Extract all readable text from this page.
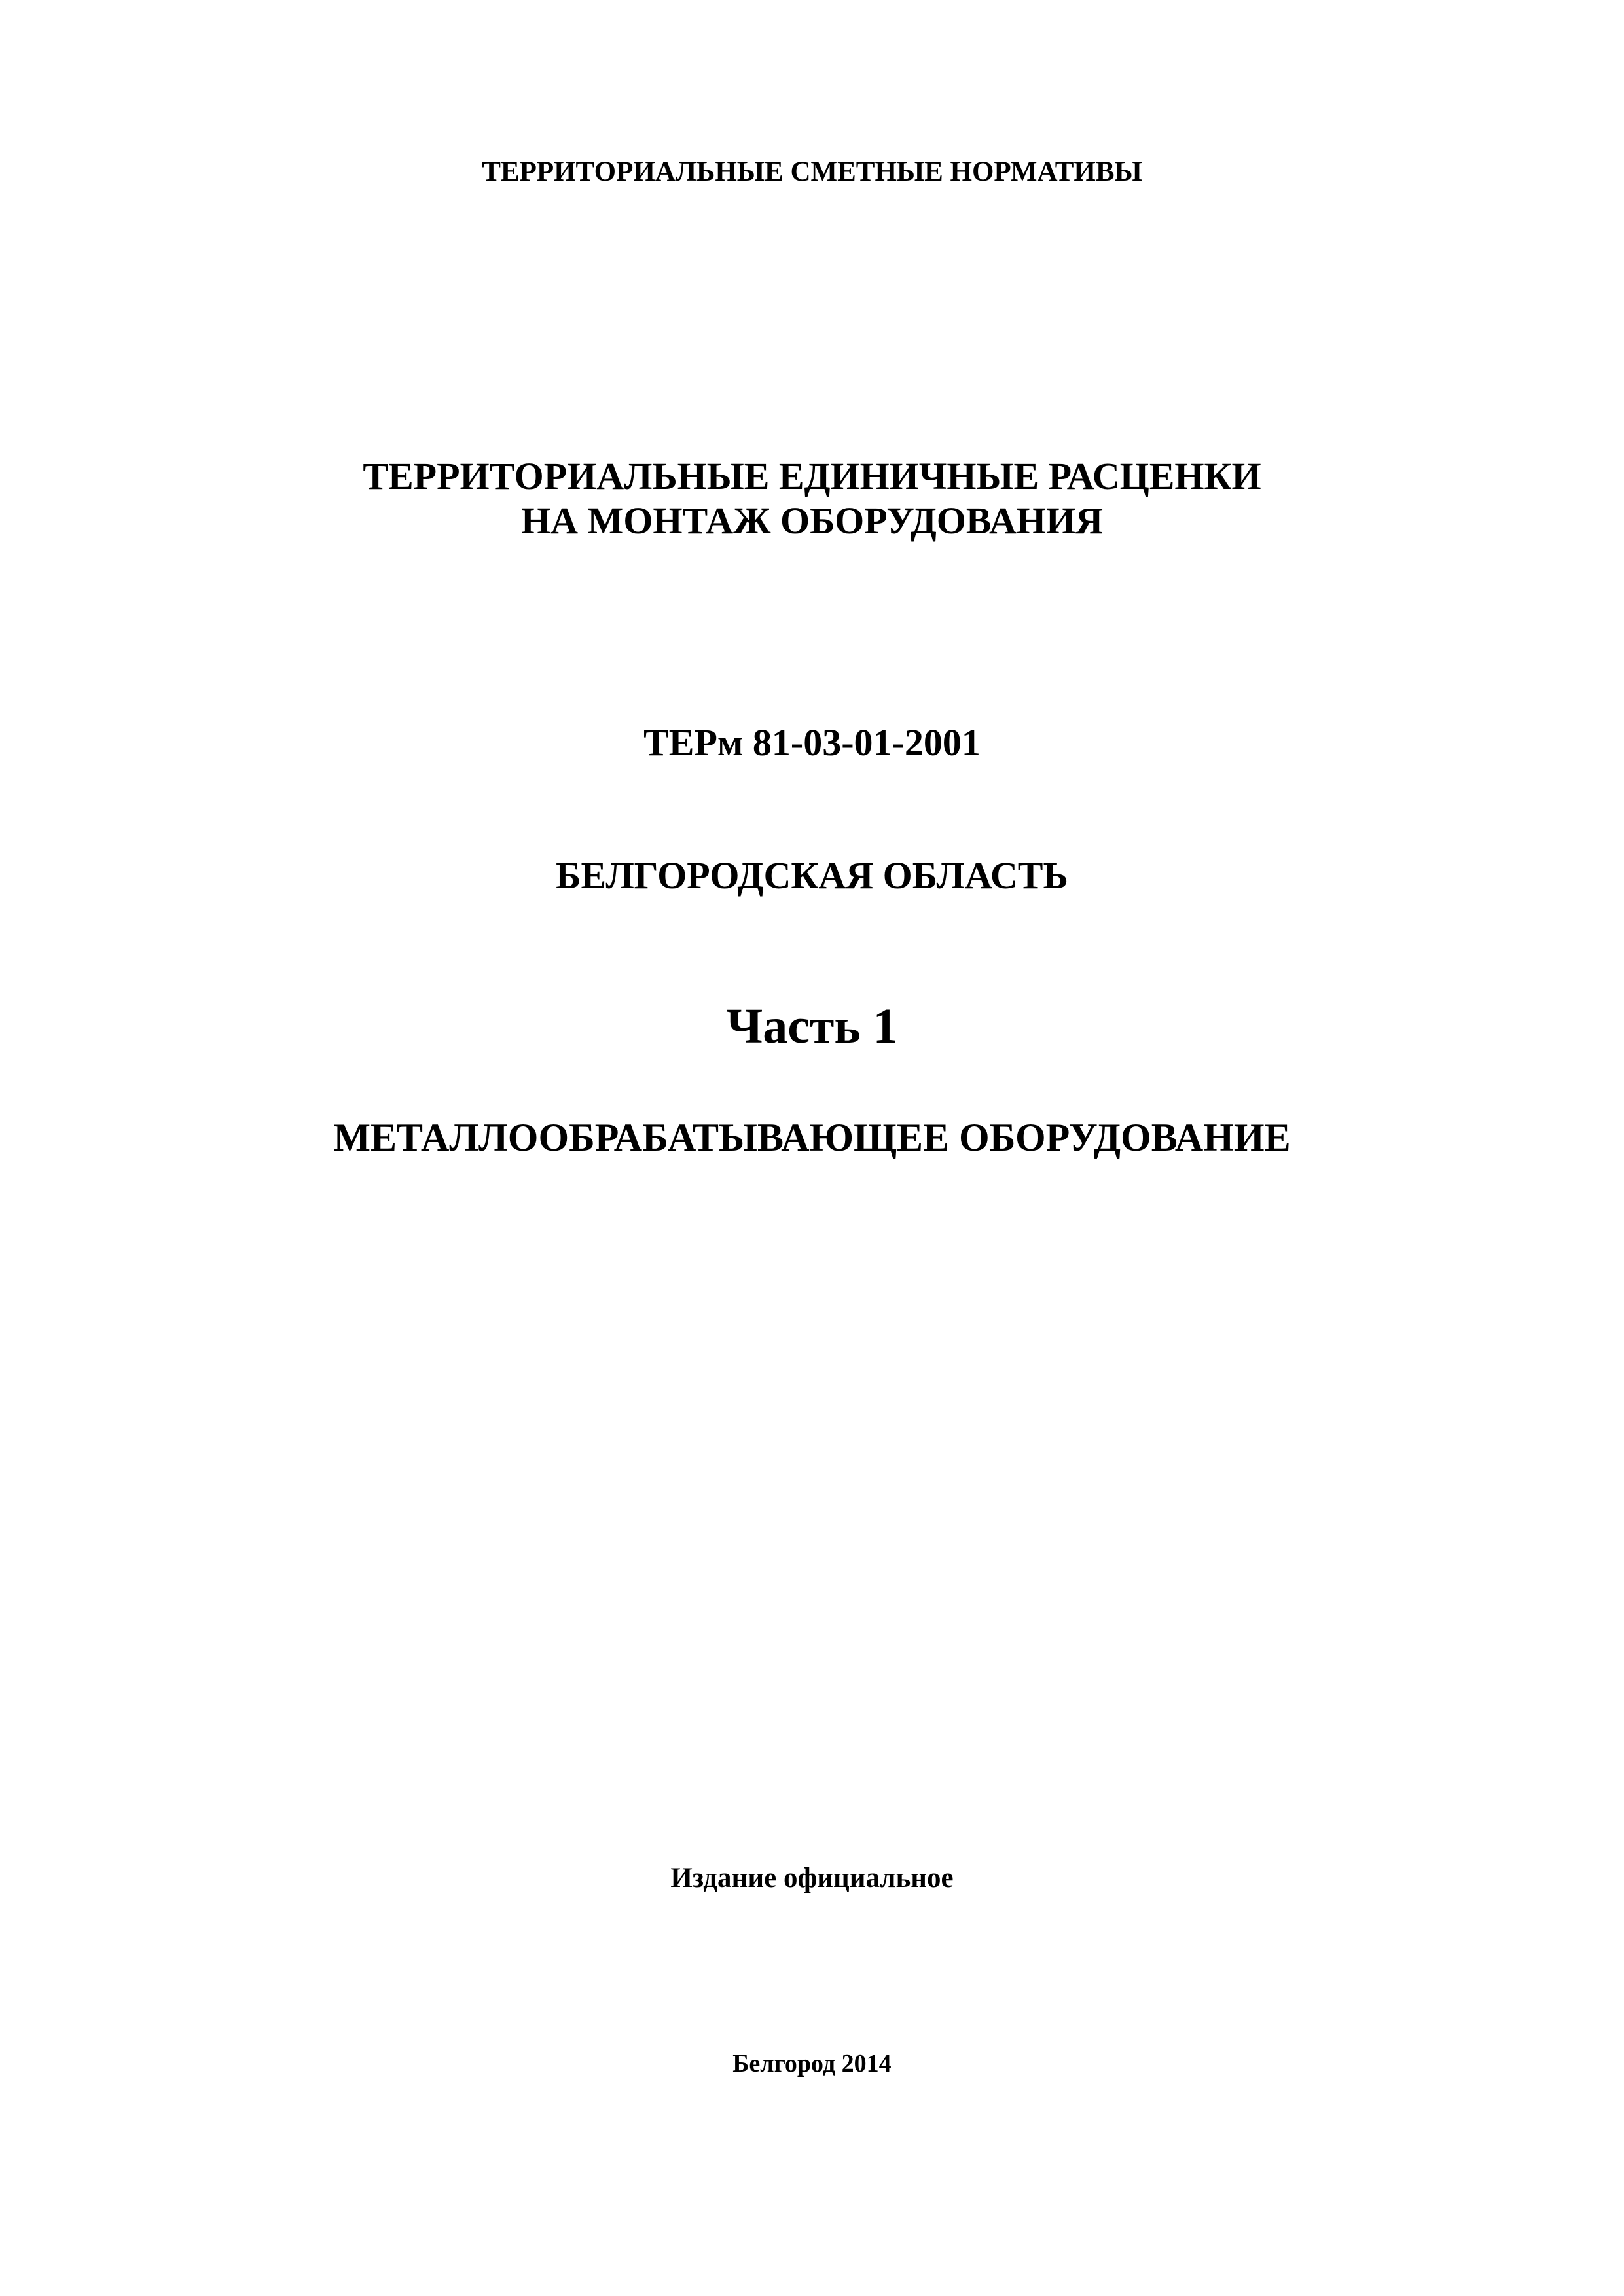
ТЕРРИТОРИАЛЬНЫЕ СМЕТНЫЕ НОРМАТИВЫ
ТЕРРИТОРИАЛЬНЫЕ ЕДИНИЧНЫЕ РАСЦЕНКИ
НА МОНТАЖ ОБОРУДОВАНИЯ
ТЕРм 81-03-01-2001
БЕЛГОРОДСКАЯ ОБЛАСТЬ
Часть 1
МЕТАЛЛООБРАБАТЫВАЮЩЕЕ ОБОРУДОВАНИЕ
Издание официальное
Белгород 2014
